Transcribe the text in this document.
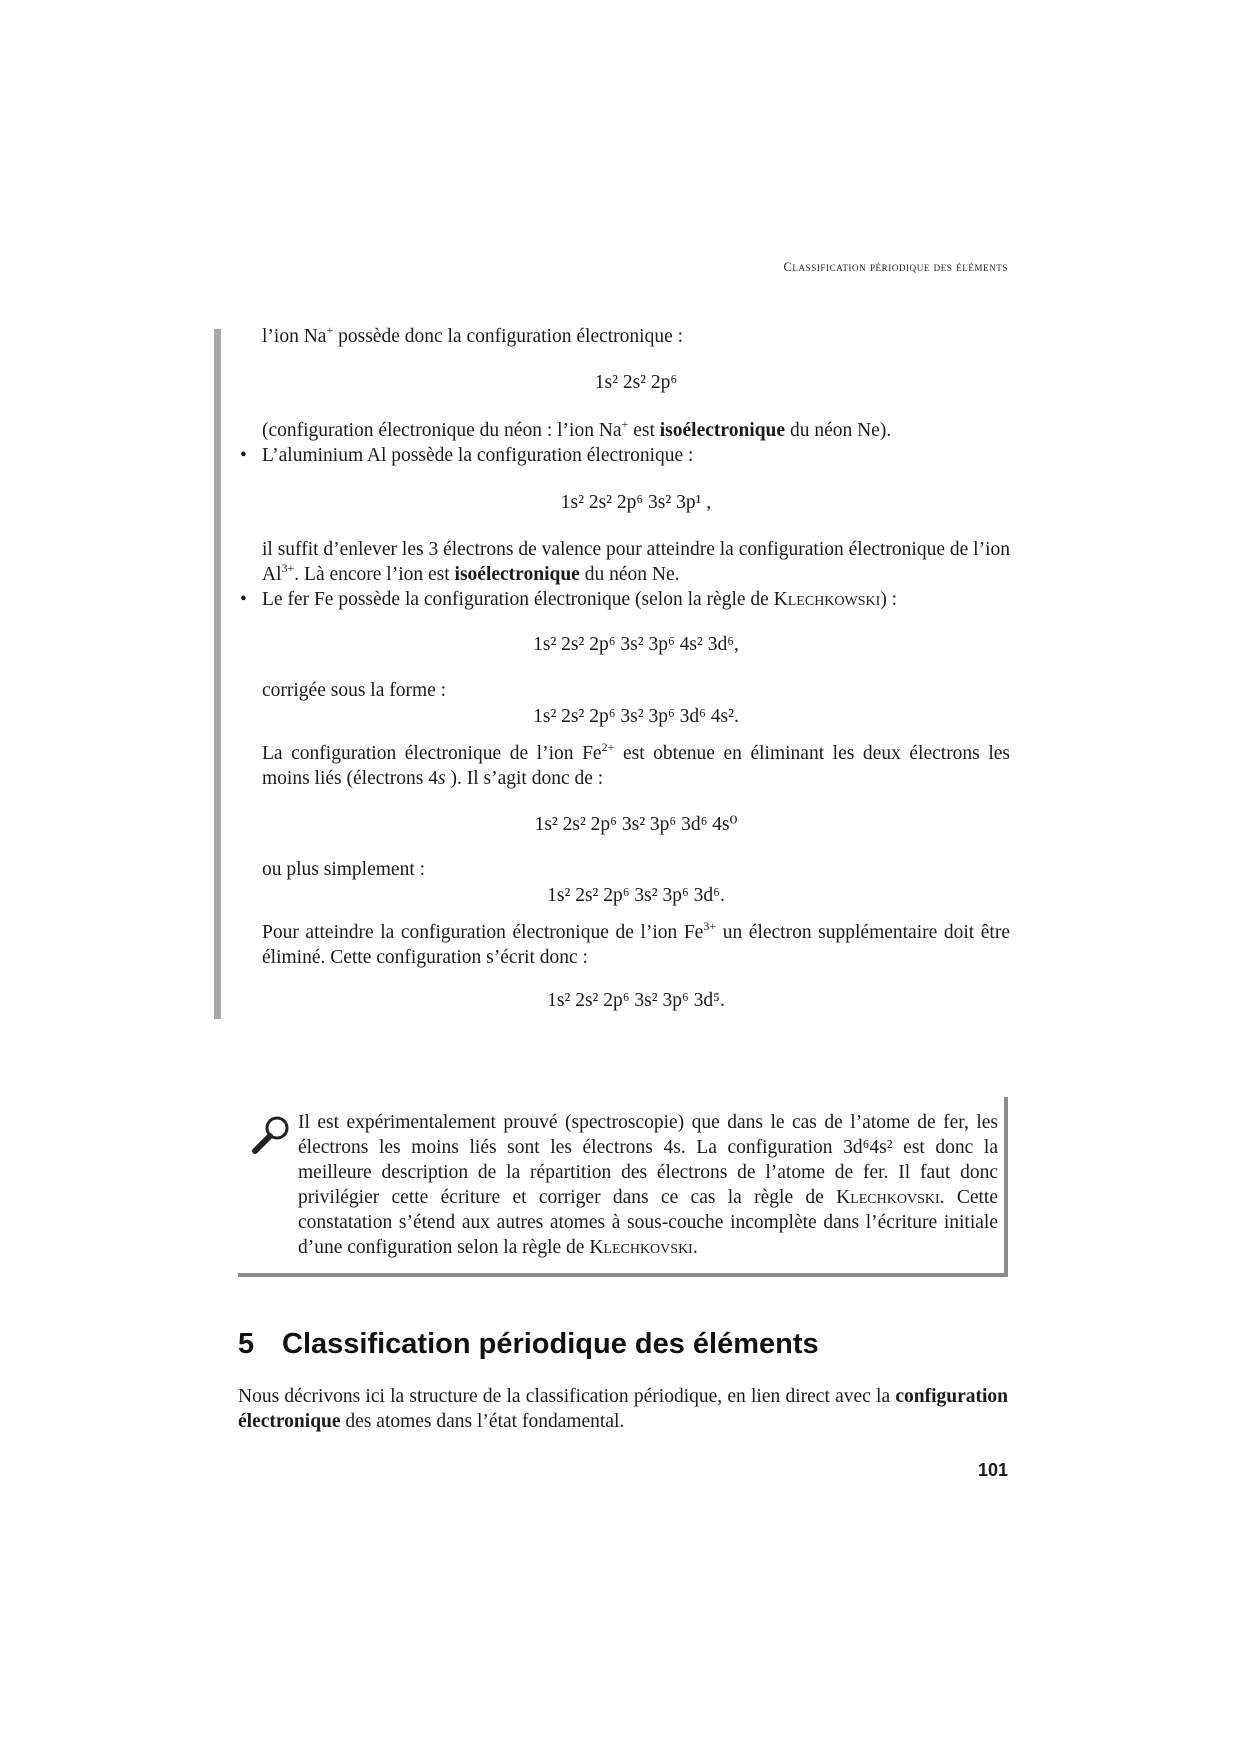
Classification périodique des éléments
l’ion Na+ possède donc la configuration électronique :
1s² 2s² 2p⁶
(configuration électronique du néon : l’ion Na+ est isoélectronique du néon Ne).
• L’aluminium Al possède la configuration électronique :
1s² 2s² 2p⁶ 3s² 3p¹ ,
il suffit d’enlever les 3 électrons de valence pour atteindre la configuration électronique de l’ion $Al^{3+}$. Là encore l’ion est isoélectronique du néon Ne.
• Le fer Fe possède la configuration électronique (selon la règle de Klechkowski) :
1s² 2s² 2p⁶ 3s² 3p⁶ 4s² 3d⁶,
corrigée sous la forme :
1s² 2s² 2p⁶ 3s² 3p⁶ 3d⁶ 4s².
La configuration électronique de l’ion $Fe^{2+}$ est obtenue en éliminant les deux électrons les moins liés (électrons 4s ). Il s’agit donc de :
1s² 2s² 2p⁶ 3s² 3p⁶ 3d⁶ 4s⁰
ou plus simplement :
1s² 2s² 2p⁶ 3s² 3p⁶ 3d⁶.
Pour atteindre la configuration électronique de l’ion $Fe^{3+}$ un électron supplémentaire doit être éliminé. Cette configuration s’écrit donc :
1s² 2s² 2p⁶ 3s² 3p⁶ 3d⁵.
Il est expérimentalement prouvé (spectroscopie) que dans le cas de l’atome de fer, les électrons les moins liés sont les électrons 4s. La configuration 3d⁶4s² est donc la meilleure description de la répartition des électrons de l’atome de fer. Il faut donc privilégier cette écriture et corriger dans ce cas la règle de Klechkovski. Cette constatation s’étend aux autres atomes à sous-couche incomplète dans l’écriture initiale d’une configuration selon la règle de Klechkovski.
5 Classification périodique des éléments
Nous décrivons ici la structure de la classification périodique, en lien direct avec la configuration électronique des atomes dans l’état fondamental.
101
